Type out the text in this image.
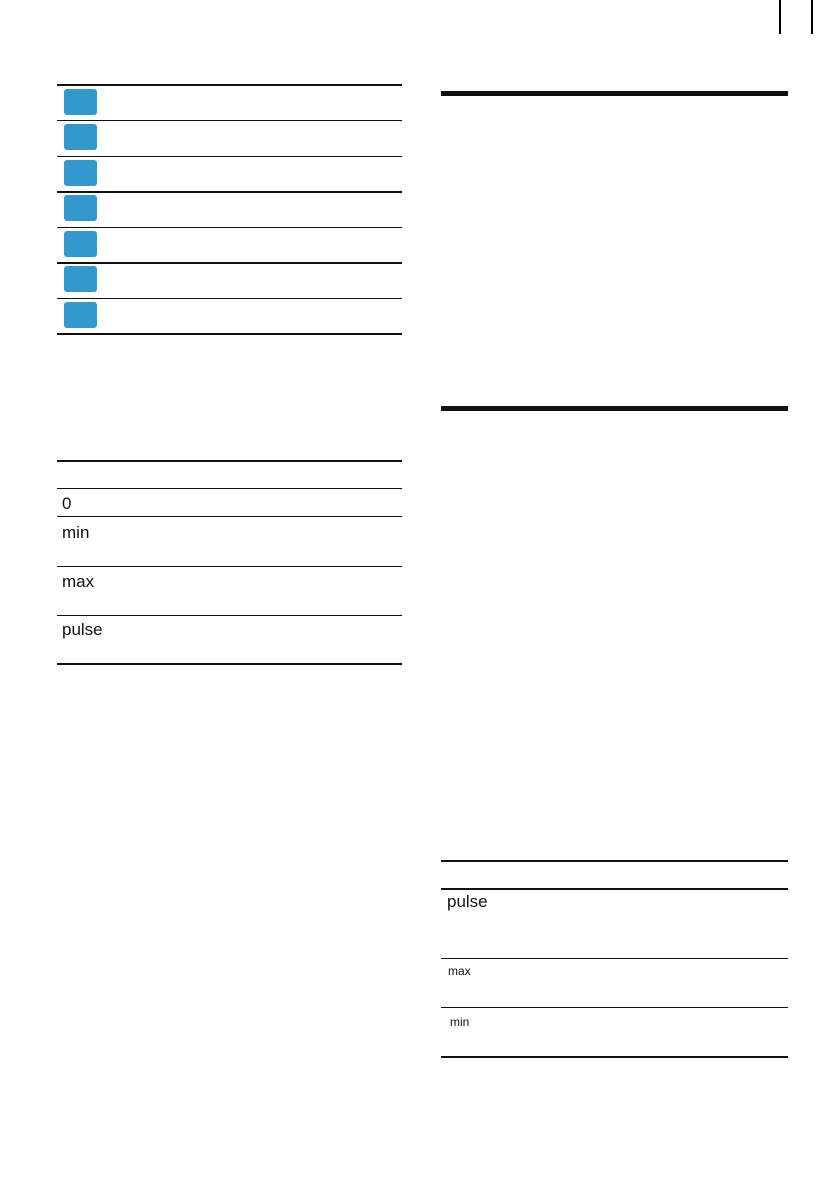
0
min
max
pulse
pulse
max
min
